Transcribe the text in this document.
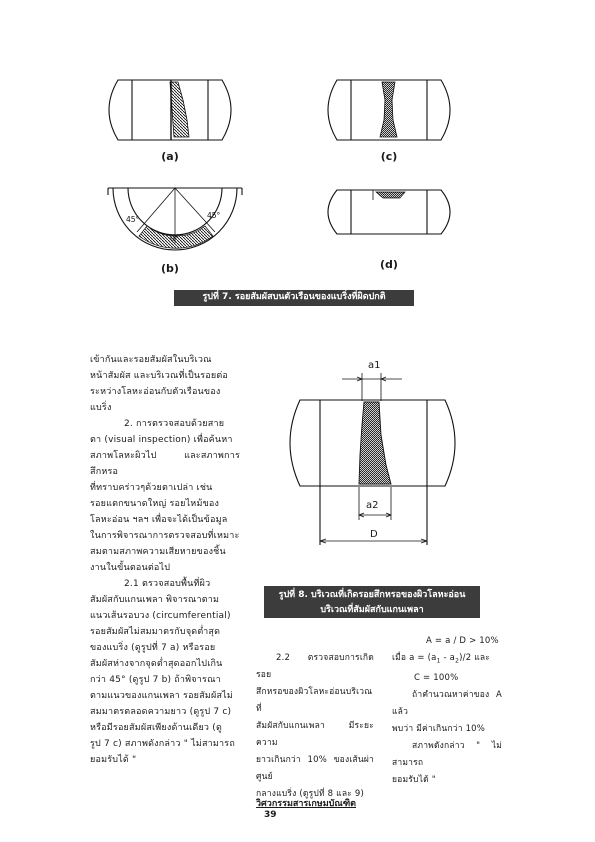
45°
0°
45°
(a)
(b)
(c)
(d)
รูปที่ 7. รอยสัมผัสบนตัวเรือนของแบริ่งที่ผิดปกติ
a1
a2
D
รูปที่ 8. บริเวณที่เกิดรอยสึกหรอของผิวโลหะอ่อน
บริเวณที่สัมผัสกับแกนเพลา

เข้ากันและรอยสัมผัสในบริเวณ

หน้าสัมผัส และบริเวณที่เป็นรอยต่อ

ระหว่างโลหะอ่อนกับตัวเรือนของ

แบริ่ง

2. การตรวจสอบด้วยสาย

ตา (visual inspection) เพื่อค้นหา

สภาพโลหะผิวไป และสภาพการสึกหรอ

ที่ทราบคร่าวๆด้วยตาเปล่า เช่น

รอยแตกขนาดใหญ่ รอยไหม้ของ

โลหะอ่อน ฯลฯ เพื่อจะได้เป็นข้อมูล

ในการพิจารณาการตรวจสอบที่เหมาะ

สมตามสภาพความเสียหายของชิ้น

งานในขั้นตอนต่อไป

2.1 ตรวจสอบพื้นที่ผิว

สัมผัสกับแกนเพลา พิจารณาตาม

แนวเส้นรอบวง (circumferential)

รอยสัมผัสไม่สมมาตรกับจุดต่ำสุด

ของแบริ่ง (ดูรูปที่ 7 a) หรือรอย

สัมผัสห่างจากจุดต่ำสุดออกไปเกิน

กว่า 45° (ดูรูป 7 b) ถ้าพิจารณา

ตามแนวของแกนเพลา รอยสัมผัสไม่

สมมาตรตลอดความยาว (ดูรูป 7 c)

หรือมีรอยสัมผัสเพียงด้านเดียว (ดู

รูป 7 c) สภาพดังกล่าว " ไม่สามารถ

ยอมรับได้ "

2.2 ตรวจสอบการเกิดรอย

สึกหรอของผิวโลหะอ่อนบริเวณที่

สัมผัสกับแกนเพลา มีระยะความ

ยาวเกินกว่า 10% ของเส้นผ่าศูนย์

กลางแบริ่ง (ดูรูปที่ 8 และ 9)

A = a / D > 10%

เมื่อ $a = (a_1 - a_2)/2$ และ

C = 100%

ถ้าคำนวณหาค่าของ A แล้ว

พบว่า มีค่าเกินกว่า 10%

สภาพดังกล่าว " ไม่สามารถ

ยอมรับได้ "

วิศวกรรมสารเกษมบัณฑิต 39
